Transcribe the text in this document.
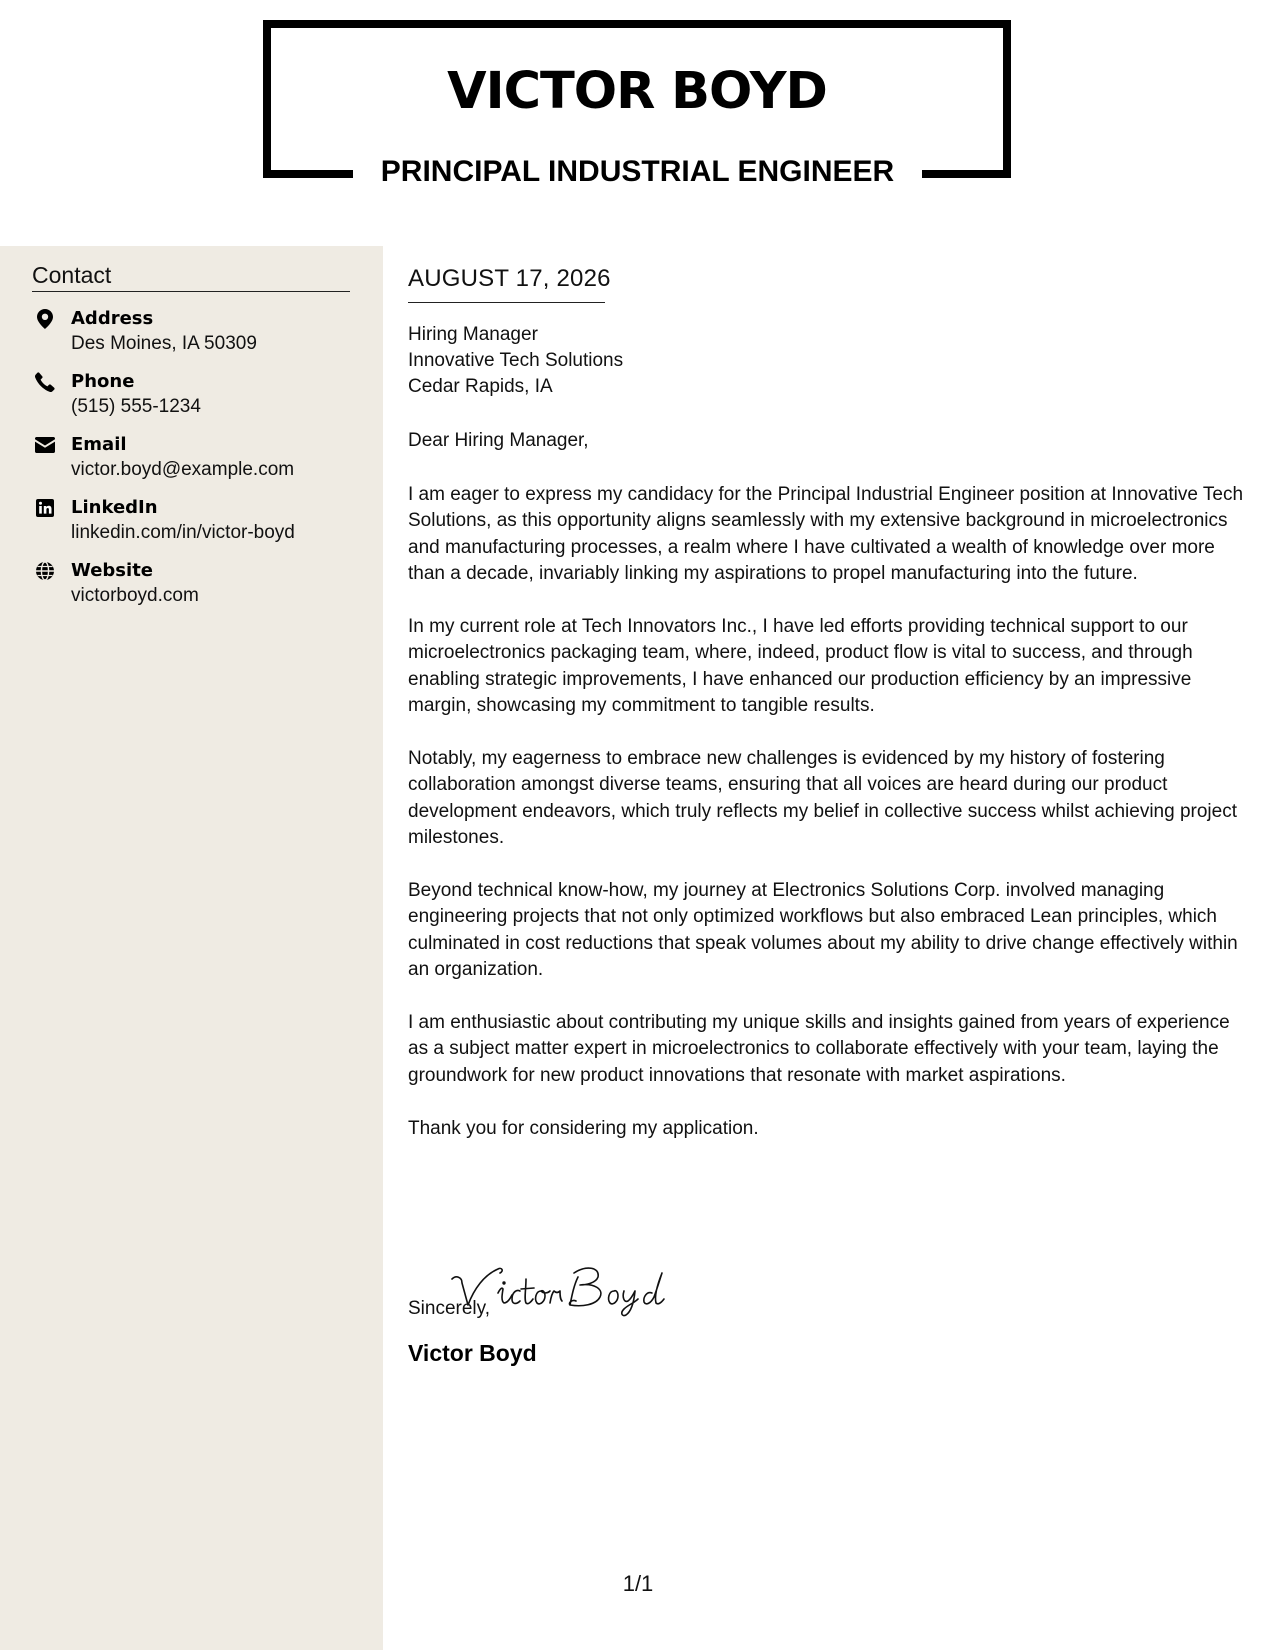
VICTOR BOYD
PRINCIPAL INDUSTRIAL ENGINEER
Contact
Address
Des Moines, IA 50309
Phone
(515) 555-1234
Email
victor.boyd@example.com
LinkedIn
linkedin.com/in/victor-boyd
Website
victorboyd.com
AUGUST 17, 2026
Hiring Manager
Innovative Tech Solutions
Cedar Rapids, IA
Dear Hiring Manager,
I am eager to express my candidacy for the Principal Industrial Engineer position at Innovative Tech Solutions, as this opportunity aligns seamlessly with my extensive background in microelectronics and manufacturing processes, a realm where I have cultivated a wealth of knowledge over more than a decade, invariably linking my aspirations to propel manufacturing into the future.
In my current role at Tech Innovators Inc., I have led efforts providing technical support to our microelectronics packaging team, where, indeed, product flow is vital to success, and through enabling strategic improvements, I have enhanced our production efficiency by an impressive margin, showcasing my commitment to tangible results.
Notably, my eagerness to embrace new challenges is evidenced by my history of fostering collaboration amongst diverse teams, ensuring that all voices are heard during our product development endeavors, which truly reflects my belief in collective success whilst achieving project milestones.
Beyond technical know-how, my journey at Electronics Solutions Corp. involved managing engineering projects that not only optimized workflows but also embraced Lean principles, which culminated in cost reductions that speak volumes about my ability to drive change effectively within an organization.
I am enthusiastic about contributing my unique skills and insights gained from years of experience as a subject matter expert in microelectronics to collaborate effectively with your team, laying the groundwork for new product innovations that resonate with market aspirations.
Thank you for considering my application.
Sincerely,
Victor Boyd
1/1
